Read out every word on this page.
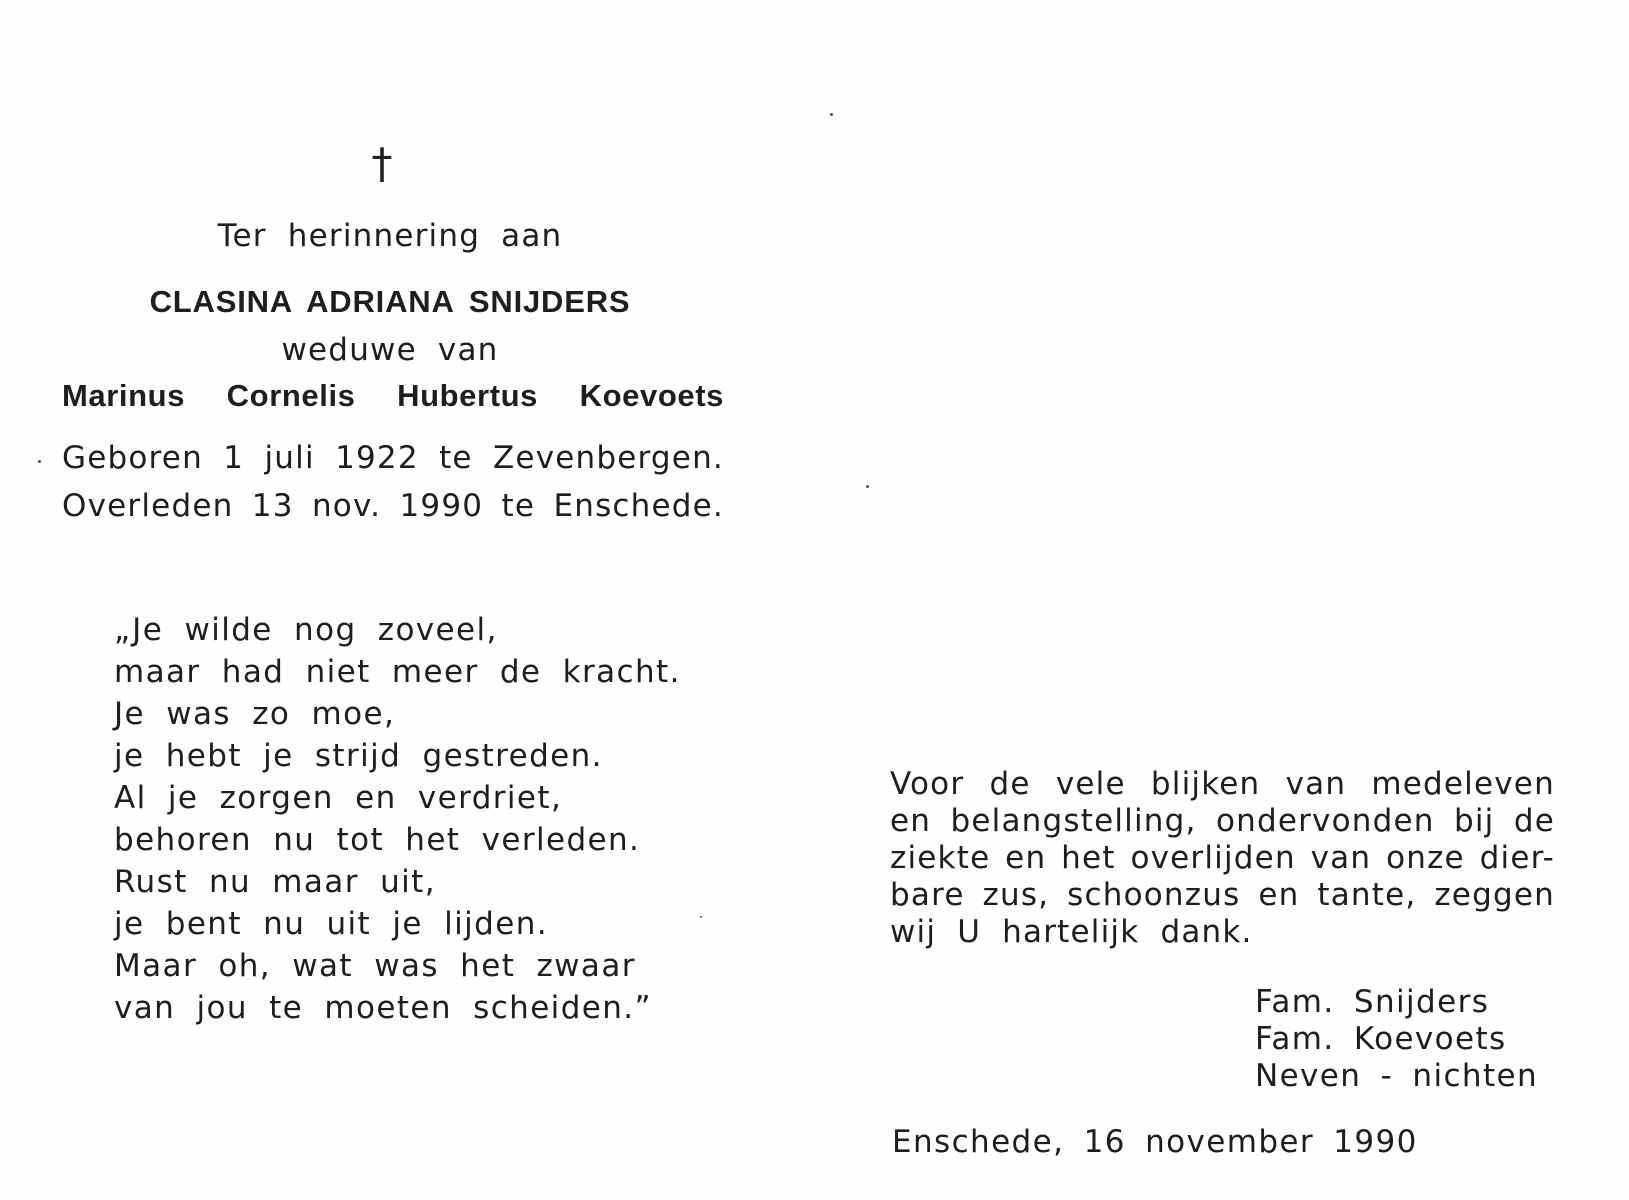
†
Ter herinnering aan
CLASINA ADRIANA SNIJDERS
weduwe van
Marinus Cornelis Hubertus Koevoets
Geboren 1 juli 1922 te Zevenbergen.
Overleden 13 nov. 1990 te Enschede.
„Je wilde nog zoveel,
maar had niet meer de kracht.
Je was zo moe,
je hebt je strijd gestreden.
Al je zorgen en verdriet,
behoren nu tot het verleden.
Rust nu maar uit,
je bent nu uit je lijden.
Maar oh, wat was het zwaar
van jou te moeten scheiden.”
Voor de vele blijken van medeleven
en belangstelling, ondervonden bij de
ziekte en het overlijden van onze dier-
bare zus, schoonzus en tante, zeggen
wij U hartelijk dank.
Fam. Snijders
Fam. Koevoets
Neven - nichten
Enschede, 16 november 1990
